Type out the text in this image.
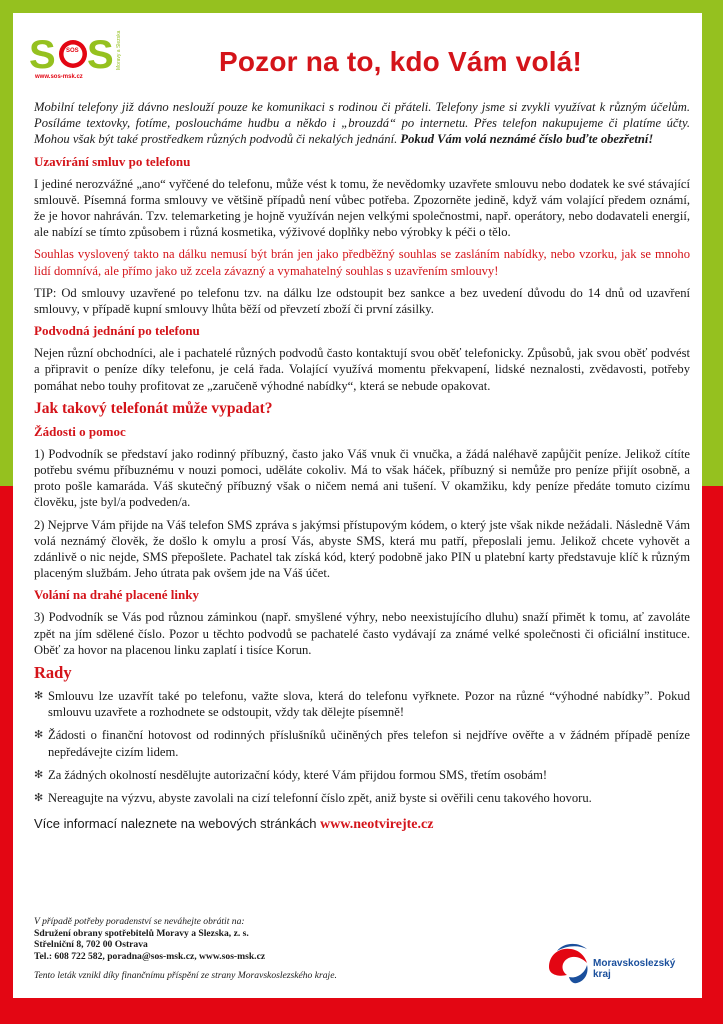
S SOS S Moravy a Slezska
www.sos-msk.cz	Pozor na to, kdo Vám volá!

Mobilní telefony již dávno neslouží pouze ke komunikaci s rodinou či přáteli. Telefony jsme si zvykli využívat k různým účelům. Posíláme textovky, fotíme, posloucháme hudbu a někdo i „brouzdá“ po internetu. Přes telefon nakupujeme či platíme účty. Mohou však být také prostředkem různých podvodů či nekalých jednání. Pokud Vám volá neznámé číslo buďte obezřetní!

Uzavírání smluv po telefonu

I jediné nerozvážné „ano“ vyřčené do telefonu, může vést k tomu, že nevědomky uzavřete smlouvu nebo dodatek ke své stávající smlouvě. Písemná forma smlouvy ve většině případů není vůbec potřeba. Zpozorněte jedině, když vám volající předem oznámí, že je hovor nahráván. Tzv. telemarketing je hojně využíván nejen velkými společnostmi, např. operátory, nebo dodavateli energií, ale nabízí se tímto způsobem i různá kosmetika, výživové doplňky nebo výrobky k péči o tělo.

Souhlas vyslovený takto na dálku nemusí být brán jen jako předběžný souhlas se zasláním nabídky, nebo vzorku, jak se mnoho lidí domnívá, ale přímo jako už zcela závazný a vymahatelný souhlas s uzavřením smlouvy!

TIP: Od smlouvy uzavřené po telefonu tzv. na dálku lze odstoupit bez sankce a bez uvedení důvodu do 14 dnů od uzavření smlouvy, v případě kupní smlouvy lhůta běží od převzetí zboží či první zásilky.

Podvodná jednání po telefonu

Nejen různí obchodníci, ale i pachatelé různých podvodů často kontaktují svou oběť telefonicky. Způsobů, jak svou oběť podvést a připravit o peníze díky telefonu, je celá řada. Volající využívá momentu překvapení, lidské neznalosti, zvědavosti, potřeby pomáhat nebo touhy profitovat ze „zaručeně výhodné nabídky“, která se nebude opakovat.

Jak takový telefonát může vypadat?
Žádosti o pomoc

1) Podvodník se představí jako rodinný příbuzný, často jako Váš vnuk či vnučka, a žádá naléhavě zapůjčit peníze. Jelikož cítíte potřebu svému příbuznému v nouzi pomoci, uděláte cokoliv. Má to však háček, příbuzný si nemůže pro peníze přijít osobně, a proto pošle kamaráda. Váš skutečný příbuzný však o ničem nemá ani tušení. V okamžiku, kdy peníze předáte tomuto cizímu člověku, jste byl/a podveden/a.

2) Nejprve Vám přijde na Váš telefon SMS zpráva s jakýmsi přístupovým kódem, o který jste však nikde nežádali. Následně Vám volá neznámý člověk, že došlo k omylu a prosí Vás, abyste SMS, která mu patří, přeposlali jemu. Jelikož chcete vyhovět a zdánlivě o nic nejde, SMS přepošlete. Pachatel tak získá kód, který podobně jako PIN u platební karty představuje klíč k různým placeným službám. Jeho útrata pak ovšem jde na Váš účet.

Volání na drahé placené linky

3) Podvodník se Vás pod různou záminkou (např. smyšlené výhry, nebo neexistujícího dluhu) snaží přimět k tomu, ať zavoláte zpět na jím sdělené číslo. Pozor u těchto podvodů se pachatelé často vydávají za známé velké společnosti či oficiální instituce. Oběť za hovor na placenou linku zaplatí i tisíce Korun.

Rady
✻ Smlouvu lze uzavřít také po telefonu, važte slova, která do telefonu vyřknete. Pozor na různé “výhodné nabídky”. Pokud smlouvu uzavřete a rozhodnete se odstoupit, vždy tak dělejte písemně!
✻ Žádosti o finanční hotovost od rodinných příslušníků učiněných přes telefon si nejdříve ověřte a v žádném případě peníze nepředávejte cizím lidem.
✻ Za žádných okolností nesdělujte autorizační kódy, které Vám přijdou formou SMS, třetím osobám!
✻ Nereagujte na výzvu, abyste zavolali na cizí telefonní číslo zpět, aniž byste si ověřili cenu takového hovoru.
Více informací naleznete na webových stránkách www.neotvirejte.cz
V případě potřeby poradenství se neváhejte obrátit na:
Sdružení obrany spotřebitelů Moravy a Slezska, z. s.
Střelniční 8, 702 00 Ostrava
Tel.: 608 722 582, poradna@sos-msk.cz, www.sos-msk.cz
Tento leták vznikl díky finančnímu příspění ze strany Moravskoslezského kraje.
Moravskoslezský
kraj
